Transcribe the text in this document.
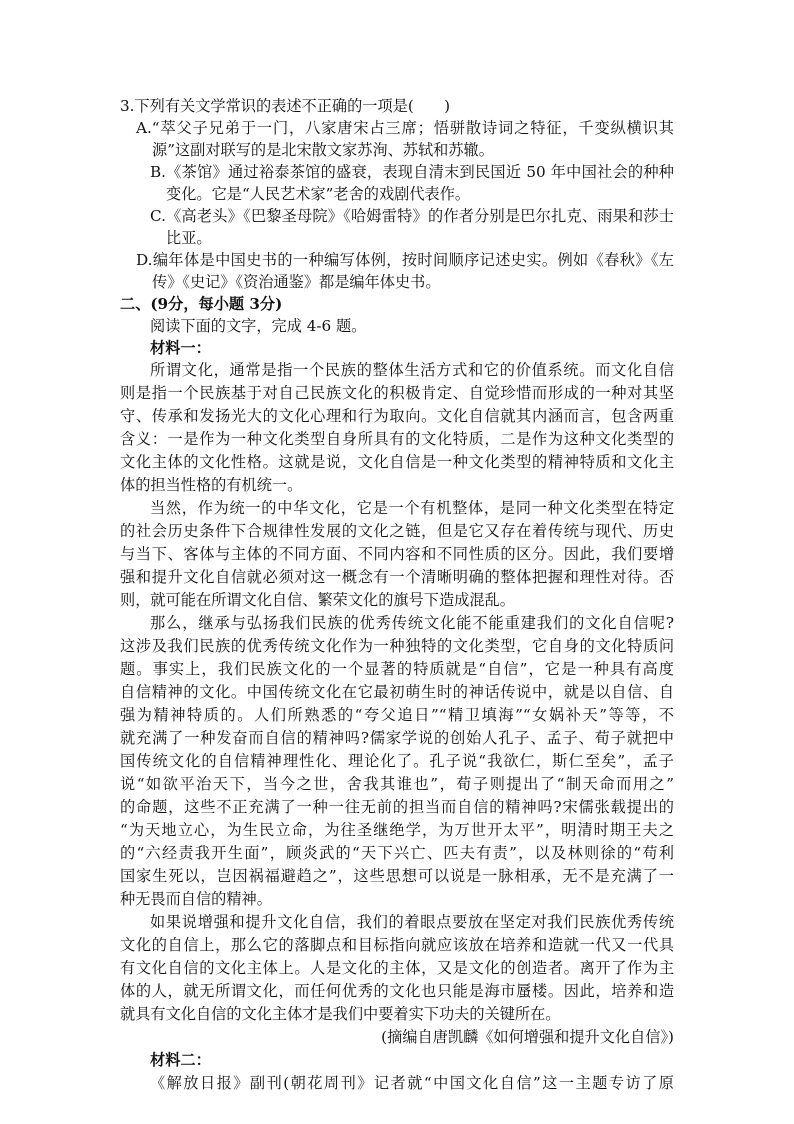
3.下列有关文学常识的表述不正确的一项是(　　)
A.“萃父子兄弟于一门，八家唐宋占三席；悟骈散诗词之特征，千变纵横识其
源”这副对联写的是北宋散文家苏洵、苏轼和苏辙。
B.《茶馆》通过裕泰茶馆的盛衰，表现自清末到民国近 50 年中国社会的种种
变化。它是“人民艺术家”老舍的戏剧代表作。
C.《高老头》《巴黎圣母院》《哈姆雷特》的作者分别是巴尔扎克、雨果和莎士
比亚。
D.编年体是中国史书的一种编写体例，按时间顺序记述史实。例如《春秋》《左
传》《史记》《资治通鉴》都是编年体史书。
二、(9分，每小题 3分)
阅读下面的文字，完成 4-6 题。
材料一：
所谓文化，通常是指一个民族的整体生活方式和它的价值系统。而文化自信
则是指一个民族基于对自己民族文化的积极肯定、自觉珍惜而形成的一种对其坚
守、传承和发扬光大的文化心理和行为取向。文化自信就其内涵而言，包含两重
含义：一是作为一种文化类型自身所具有的文化特质，二是作为这种文化类型的
文化主体的文化性格。这就是说，文化自信是一种文化类型的精神特质和文化主
体的担当性格的有机统一。
当然，作为统一的中华文化，它是一个有机整体，是同一种文化类型在特定
的社会历史条件下合规律性发展的文化之链，但是它又存在着传统与现代、历史
与当下、客体与主体的不同方面、不同内容和不同性质的区分。因此，我们要增
强和提升文化自信就必须对这一概念有一个清晰明确的整体把握和理性对待。否
则，就可能在所谓文化自信、繁荣文化的旗号下造成混乱。
那么，继承与弘扬我们民族的优秀传统文化能不能重建我们的文化自信呢?
这涉及我们民族的优秀传统文化作为一种独特的文化类型，它自身的文化特质问
题。事实上，我们民族文化的一个显著的特质就是“自信”，它是一种具有高度
自信精神的文化。中国传统文化在它最初萌生时的神话传说中，就是以自信、自
强为精神特质的。人们所熟悉的“夸父追日”“精卫填海”“女娲补天”等等，不
就充满了一种发奋而自信的精神吗?儒家学说的创始人孔子、孟子、荀子就把中
国传统文化的自信精神理性化、理论化了。孔子说“我欲仁，斯仁至矣”，孟子
说“如欲平治天下，当今之世，舍我其谁也”，荀子则提出了“制天命而用之”
的命题，这些不正充满了一种一往无前的担当而自信的精神吗?宋儒张载提出的
“为天地立心，为生民立命，为往圣继绝学，为万世开太平”，明清时期王夫之
的“六经责我开生面”，顾炎武的“天下兴亡、匹夫有责”，以及林则徐的“苟利
国家生死以，岂因祸福避趋之”，这些思想可以说是一脉相承，无不是充满了一
种无畏而自信的精神。
如果说增强和提升文化自信，我们的着眼点要放在坚定对我们民族优秀传统
文化的自信上，那么它的落脚点和目标指向就应该放在培养和造就一代又一代具
有文化自信的文化主体上。人是文化的主体，又是文化的创造者。离开了作为主
体的人，就无所谓文化，而任何优秀的文化也只能是海市蜃楼。因此，培养和造
就具有文化自信的文化主体才是我们中要着实下功夫的关键所在。
(摘编自唐凯麟《如何增强和提升文化自信》)
材料二：
《解放日报》副刊(朝花周刊》记者就“中国文化自信”这一主题专访了原
